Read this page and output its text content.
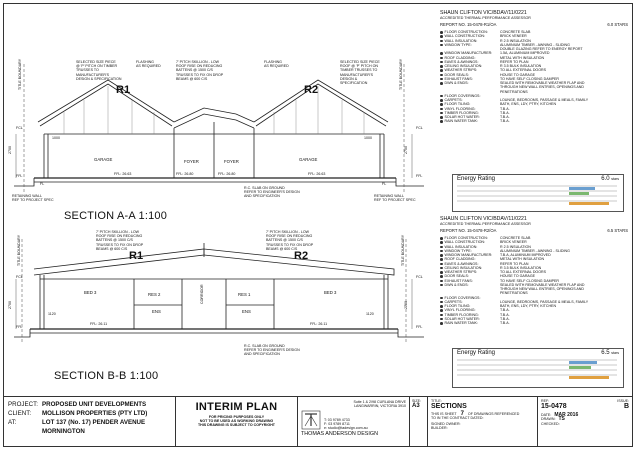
FCL
FFL
FL
FCL
FFL
FL
2700	2700
1000	1000
TITLE BOUNDARY	TITLE BOUNDARY
R1	R2
SELECTED SIZE PIECE
@ 'P' PITCH ON TIMBER
TRUSSES TO
MANUFACTURER'S
DESIGN & SPECIFICATION
FLASHING
AS REQUIRED
7' PITCH SKILLION - LOW
ROOF RISE ON REDUCING
BATTENS @ 1500 C/S
TRUSSES TO FIX ON DROP
BEAMS @ 600 C/S
FLASHING
AS REQUIRED
SELECTED SIZE PIECE
ROOF @ 'P' PITCH ON
TIMBER TRUSSES TO
MANUFACTURER'S
DESIGN &
SPECIFICATION
GARAGE	FOYER	FOYER	GARAGE
FFL: 26.63	FFL: 26.80	FFL: 26.80	FFL: 26.63
RETAINING WALL
REF TO PROJECT SPEC
RETAINING WALL
REF TO PROJECT SPEC
R.C. SLAB ON GROUND
REFER TO ENGINEER'S DESIGN
AND SPECIFICATION
SECTION A-A 1:100
R1	R2
7' PITCH SKILLION - LOW
ROOF RISE ON REDUCING
BATTENS @ 1500 C/S
TRUSSES TO FIX ON DROP
BEAMS @ 600 C/S
7' PITCH SKILLION - LOW
ROOF RISE ON REDUCING
BATTENS @ 1500 C/S
TRUSSES TO FIX ON DROP
BEAMS @ 600 C/S
BED 3	RES 2
ENS
RES 1
ENS
BED 3
CORRIDOR
FFL: 26.11	FFL: 26.11
FCL
FFL
FCL
FFL
2700	2700
1120	1120
TITLE BOUNDARY	TITLE BOUNDARY
R.C. SLAB ON GROUND
REFER TO ENGINEER'S DESIGN
AND SPECIFICATION
SECTION B-B 1:100
SHAUN CLIFTON VIC/BDAV/11/0221
ACCREDITED THERMAL PERFORMANCE ASSESSOR
REPORT NO. 15-0478-R1/OA	6.0 STARS
FLOOR CONSTRUCTION:	CONCRETE SLAB
WALL CONSTRUCTION:	BRICK VENEER
WALL INSULATION:	R 2.5 INSULATION
WINDOW TYPE:	ALUMINIUM TIMBER - AWNING - SLIDING
DOUBLE GLAZING REFER TO ENERGY REPORT
WINDOW MANUFACTURER:	1.5A, ALUMINIUM IMPROVED
ROOF CLADDING:	METAL WITH INSULATION
EAVES & AWNINGS:	REFER TO PLAN
CEILING INSULATION:	R 3.5 BULK INSULATION
WEATHER STRIPS:	TO ALL EXTERNAL DOORS
DOOR SEALS:	HOUSE TO GARAGE
EXHAUST FANS:	TO HAVE SELF CLOSING DAMPER
DWN & ENDS:	SEALED WITH REMOVABLE WEATHER FLAP AND
THROUGH NEW WALL ENTRIES, OPENINGS AND
PENETRATIONS
FLOOR COVERINGS:
CARPETS:	LOUNGE, BEDROOMS, PASSAGE & MEALS, FAMILY
FLOOR TILING:	BATH, ENS, LDY, PTRY, KITCHEN
VINYL FLOORING:	T.B.A.
TIMBER FLOORING:	T.B.A.
SOLAR HOT WATER:	T.B.A.
RAIN WATER TANK:	T.B.A.
Energy Rating	6.0 stars
SHAUN CLIFTON VIC/BDAV/11/0221
ACCREDITED THERMAL PERFORMANCE ASSESSOR
REPORT NO. 15-0478-R2/OA	6.5 STARS
FLOOR CONSTRUCTION:	CONCRETE SLAB
WALL CONSTRUCTION:	BRICK VENEER
WALL INSULATION:	R 2.5 INSULATION
WINDOW TYPE:	ALUMINIUM TIMBER - AWNING - SLIDING
WINDOW MANUFACTURER:	T.B.A, ALUMINIUM IMPROVED
ROOF CLADDING:	METAL WITH INSULATION
EAVES & AWNINGS:	REFER TO PLAN
CEILING INSULATION:	R 3.5 BULK INSULATION
WEATHER STRIPS:	TO ALL EXTERNAL DOORS
DOOR SEALS:	HOUSE TO GARAGE
EXHAUST FANS:	TO HAVE SELF CLOSING DAMPER
DWN & ENDS:	SEALED WITH REMOVABLE WEATHER FLAP AND
THROUGH NEW WALL ENTRIES, OPENINGS AND
PENETRATIONS
FLOOR COVERINGS:
CARPETS:	LOUNGE, BEDROOMS, PASSAGE & MEALS, FAMILY
FLOOR TILING:	BATH, ENS, LDY, PTRY, KITCHEN
VINYL FLOORING:	T.B.A.
TIMBER FLOORING:	T.B.A.
SOLAR HOT WATER:	T.B.A.
RAIN WATER TANK:	T.B.A.
Energy Rating	6.5 stars
PROJECT: PROPOSED UNIT DEVELOPMENTS
CLIENT:	MOLLISON PROPERTIES (PTY LTD)
AT:	LOT 137 (No. 17) PENDER AVENUE
MORNINGTON
INTERIM PLAN
FOR PRICING PURPOSES ONLY
NOT TO BE USED AS WORKING DRAWING
THIS DRAWING IS SUBJECT TO COPYRIGHT
Suite 1 & 2/98 CURLANA DRIVE
LANGWARRIN, VICTORIA 3910
T: 03 9789 4733
F: 03 9789 8711
e: studio@tadesign.com.au
THOMAS ANDERSON DESIGN
SIZE:
A3
TITLE:
SECTIONS
THIS IS SHEET 7 OF DRAWINGS REFERENCED
TO IN THE CONTRACT DATED:
SIGNED OWNER:
BUILDER:
REF:	ISSUE:
15-0478	B
DATE: MAR 2016
DRAWN: TS
CHECKED:
